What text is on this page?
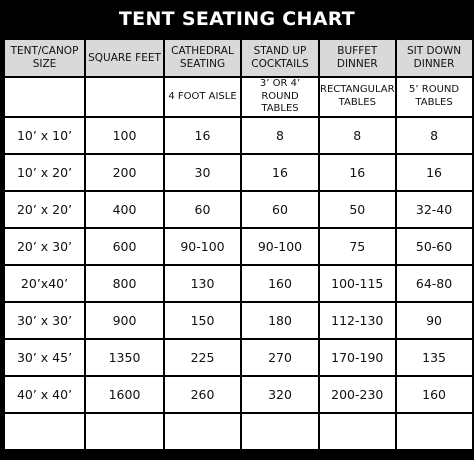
TENT SEATING CHART
TENT/CANOP SIZE	SQUARE FEET	CATHEDRAL SEATING	STAND UP COCKTAILS	BUFFET DINNER	SIT DOWN DINNER
		4 FOOT AISLE	3’ OR 4’ ROUND TABLES	RECTANGULAR TABLES	5’ ROUND TABLES
10’ x 10’	100	16	8	8	8
10’ x 20’	200	30	16	16	16
20’ x 20’	400	60	60	50	32-40
20’ x 30’	600	90-100	90-100	75	50-60
20’x40’	800	130	160	100-115	64-80
30’ x 30’	900	150	180	112-130	90
30’ x 45’	1350	225	270	170-190	135
40’ x 40’	1600	260	320	200-230	160
